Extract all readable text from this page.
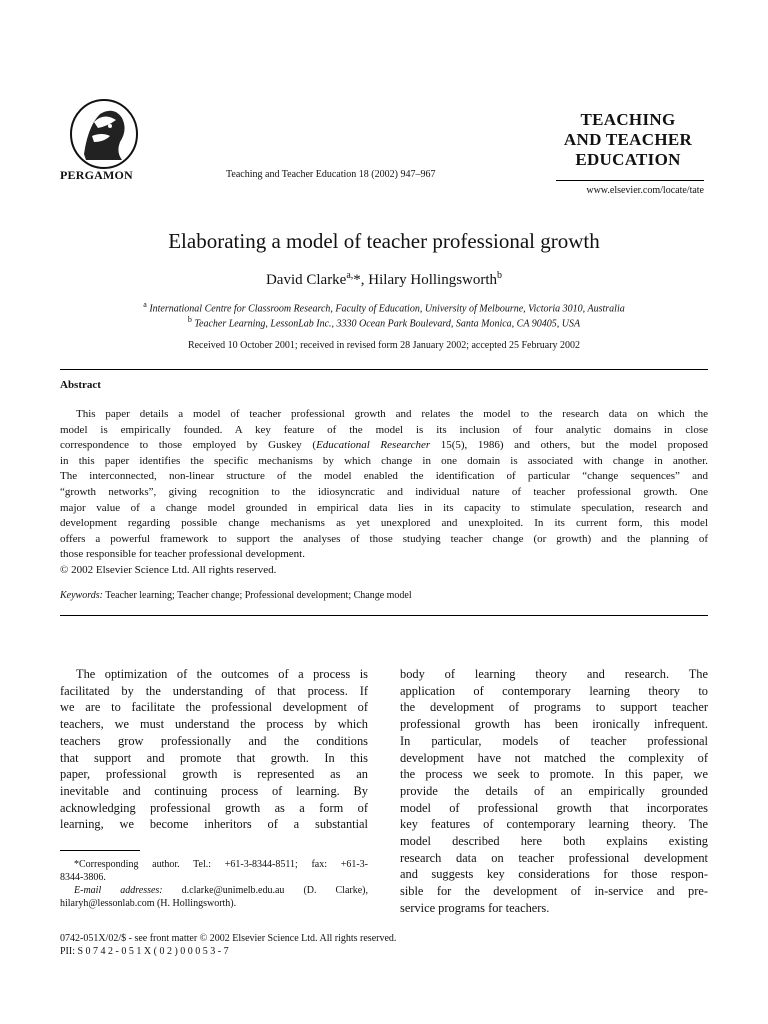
PERGAMON	Teaching and Teacher Education 18 (2002) 947–967
TEACHING
AND TEACHER
EDUCATION
www.elsevier.com/locate/tate
Elaborating a model of teacher professional growth
David Clarke$^{a,}$*, Hilary Hollingsworth$^b$
$^a$ International Centre for Classroom Research, Faculty of Education, University of Melbourne, Victoria 3010, Australia
$^b$ Teacher Learning, LessonLab Inc., 3330 Ocean Park Boulevard, Santa Monica, CA 90405, USA
Received 10 October 2001; received in revised form 28 January 2002; accepted 25 February 2002
Abstract
This paper details a model of teacher professional growth and relates the model to the research data on which the
model is empirically founded. A key feature of the model is its inclusion of four analytic domains in close
correspondence to those employed by Guskey (Educational Researcher 15(5), 1986) and others, but the model proposed
in this paper identifies the specific mechanisms by which change in one domain is associated with change in another.
The interconnected, non-linear structure of the model enabled the identification of particular “change sequences” and
“growth networks”, giving recognition to the idiosyncratic and individual nature of teacher professional growth. One
major value of a change model grounded in empirical data lies in its capacity to stimulate speculation, research and
development regarding possible change mechanisms as yet unexplored and unexploited. In its current form, this model
offers a powerful framework to support the analyses of those studying teacher change (or growth) and the planning of
those responsible for teacher professional development.
© 2002 Elsevier Science Ltd. All rights reserved.
Keywords: Teacher learning; Teacher change; Professional development; Change model
The optimization of the outcomes of a process is
facilitated by the understanding of that process. If
we are to facilitate the professional development of
teachers, we must understand the process by which
teachers grow professionally and the conditions
that support and promote that growth. In this
paper, professional growth is represented as an
inevitable and continuing process of learning. By
acknowledging professional growth as a form of
learning, we become inheritors of a substantial
body of learning theory and research. The
application of contemporary learning theory to
the development of programs to support teacher
professional growth has been ironically infrequent.
In particular, models of teacher professional
development have not matched the complexity of
the process we seek to promote. In this paper, we
provide the details of an empirically grounded
model of professional growth that incorporates
key features of contemporary learning theory. The
model described here both explains existing
research data on teacher professional development
and suggests key considerations for those respon-
sible for the development of in-service and pre-
service programs for teachers.
*Corresponding author. Tel.: +61-3-8344-8511; fax: +61-3-
8344-3806.
E-mail addresses: d.clarke@unimelb.edu.au (D. Clarke),
hilaryh@lessonlab.com (H. Hollingsworth).
0742-051X/02/$ - see front matter © 2002 Elsevier Science Ltd. All rights reserved.
PII: S 0 7 4 2 - 0 5 1 X ( 0 2 ) 0 0 0 5 3 - 7
